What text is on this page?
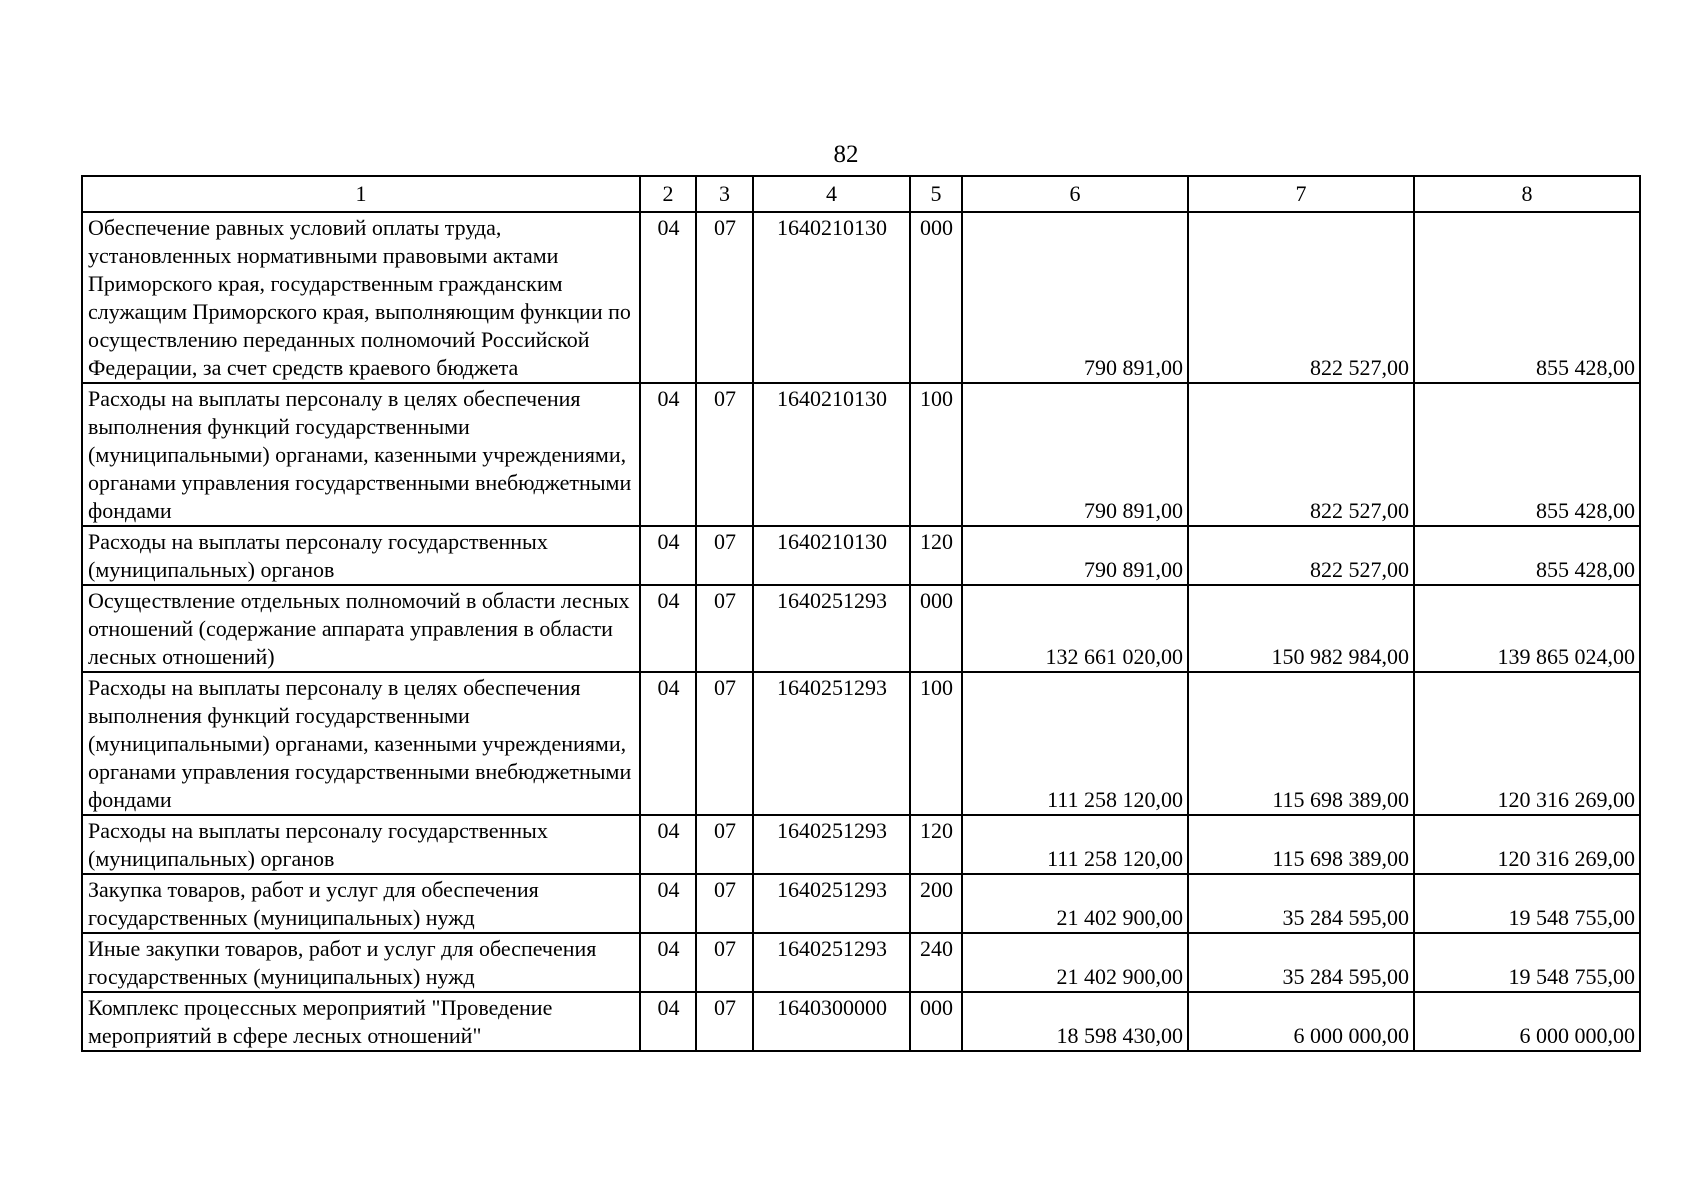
82
1	2	3	4	5	6	7	8
Обеспечение равных условий оплаты труда, установленных нормативными правовыми актами Приморского края, государственным гражданским служащим Приморского края, выполняющим функции по осуществлению переданных полномочий Российской Федерации, за счет средств краевого бюджета	04	07	1640210130	000	790 891,00	822 527,00	855 428,00
Расходы на выплаты персоналу в целях обеспечения выполнения функций государственными (муниципальными) органами, казенными учреждениями, органами управления государственными внебюджетными фондами	04	07	1640210130	100	790 891,00	822 527,00	855 428,00
Расходы на выплаты персоналу государственных (муниципальных) органов	04	07	1640210130	120	790 891,00	822 527,00	855 428,00
Осуществление отдельных полномочий в области лесных отношений (содержание аппарата управления в области лесных отношений)	04	07	1640251293	000	132 661 020,00	150 982 984,00	139 865 024,00
Расходы на выплаты персоналу в целях обеспечения выполнения функций государственными (муниципальными) органами, казенными учреждениями, органами управления государственными внебюджетными фондами	04	07	1640251293	100	111 258 120,00	115 698 389,00	120 316 269,00
Расходы на выплаты персоналу государственных (муниципальных) органов	04	07	1640251293	120	111 258 120,00	115 698 389,00	120 316 269,00
Закупка товаров, работ и услуг для обеспечения государственных (муниципальных) нужд	04	07	1640251293	200	21 402 900,00	35 284 595,00	19 548 755,00
Иные закупки товаров, работ и услуг для обеспечения государственных (муниципальных) нужд	04	07	1640251293	240	21 402 900,00	35 284 595,00	19 548 755,00
Комплекс процессных мероприятий "Проведение мероприятий в сфере лесных отношений"	04	07	1640300000	000	18 598 430,00	6 000 000,00	6 000 000,00
